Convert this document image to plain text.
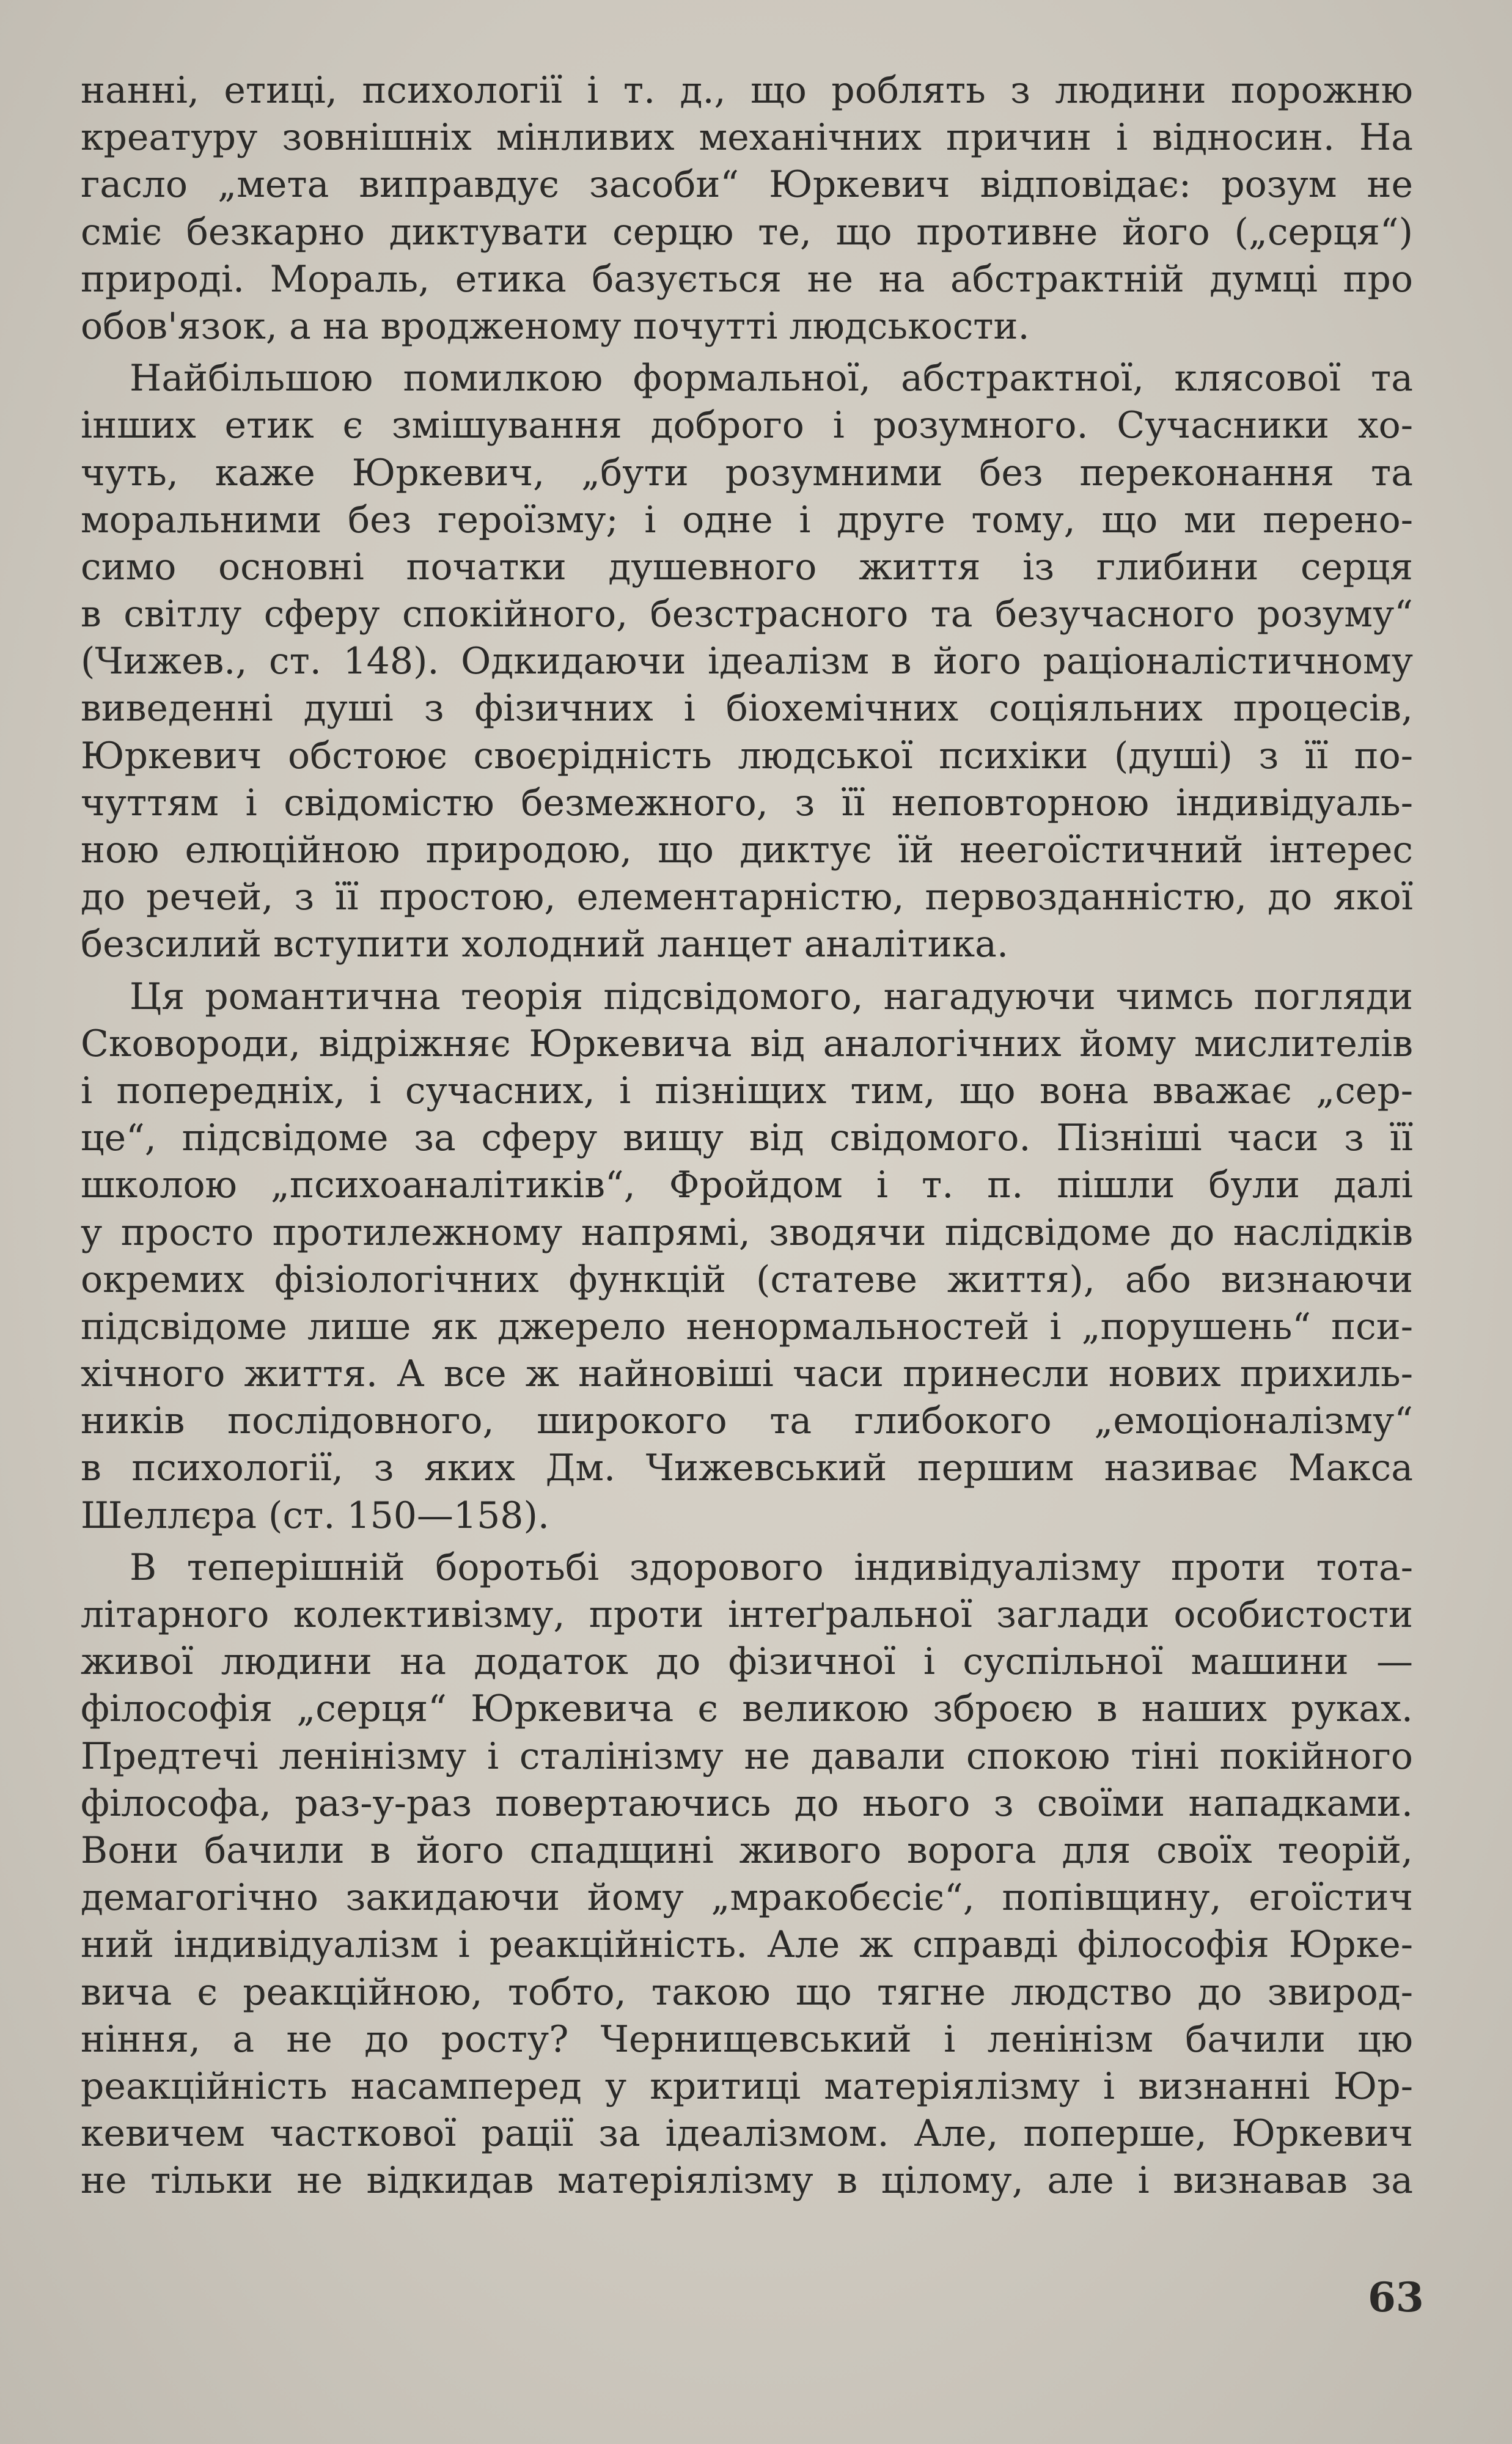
нанні, етиці, психології і т. д., що роблять з людини порожню
креатуру зовнішніх мінливих механічних причин і відносин. На
гасло „мета виправдує засоби“ Юркевич відповідає: розум не
сміє безкарно диктувати серцю те, що противне його („серця“)
природі. Мораль, етика базується не на абстрактній думці про
обов'язок, а на вродженому почутті людськости.
Найбільшою помилкою формальної, абстрактної, клясової та
інших етик є змішування доброго і розумного. Сучасники хо-
чуть, каже Юркевич, „бути розумними без переконання та
моральними без героїзму; і одне і друге тому, що ми перено-
симо основні початки душевного життя із глибини серця
в світлу сферу спокійного, безстрасного та безучасного розуму“
(Чижев., ст. 148). Одкидаючи ідеалізм в його раціоналістичному
виведенні душі з фізичних і біохемічних соціяльних процесів,
Юркевич обстоює своєрідність людської психіки (душі) з її по-
чуттям і свідомістю безмежного, з її неповторною індивідуаль-
ною елюційною природою, що диктує їй неегоїстичний інтерес
до речей, з її простою, елементарністю, первозданністю, до якої
безсилий вступити холодний ланцет аналітика.
Ця романтична теорія підсвідомого, нагадуючи чимсь погляди
Сковороди, відріжняє Юркевича від аналогічних йому мислителів
і попередніх, і сучасних, і пізніщих тим, що вона вважає „сер-
це“, підсвідоме за сферу вищу від свідомого. Пізніші часи з її
школою „психоаналітиків“, Фройдом і т. п. пішли були далі
у просто протилежному напрямі, зводячи підсвідоме до наслідків
окремих фізіологічних функцій (статеве життя), або визнаючи
підсвідоме лише як джерело ненормальностей і „порушень“ пси-
хічного життя. А все ж найновіші часи принесли нових прихиль-
ників послідовного, широкого та глибокого „емоціоналізму“
в психології, з яких Дм. Чижевський першим називає Макса
Шеллєра (ст. 150—158).
В теперішній боротьбі здорового індивідуалізму проти тота-
літарного колективізму, проти інтеґральної заглади особистости
живої людини на додаток до фізичної і суспільної машини —
філософія „серця“ Юркевича є великою зброєю в наших руках.
Предтечі ленінізму і сталінізму не давали спокою тіні покійного
філософа, раз-у-раз повертаючись до нього з своїми нападками.
Вони бачили в його спадщині живого ворога для своїх теорій,
демагогічно закидаючи йому „мракобєсіє“, попівщину, егоїстич
ний індивідуалізм і реакційність. Але ж справді філософія Юрке-
вича є реакційною, тобто, такою що тягне людство до звирод-
ніння, а не до росту? Чернищевський і ленінізм бачили цю
реакційність насамперед у критиці матеріялізму і визнанні Юр-
кевичем часткової рації за ідеалізмом. Але, поперше, Юркевич
не тільки не відкидав матеріялізму в цілому, але і визнавав за
63
